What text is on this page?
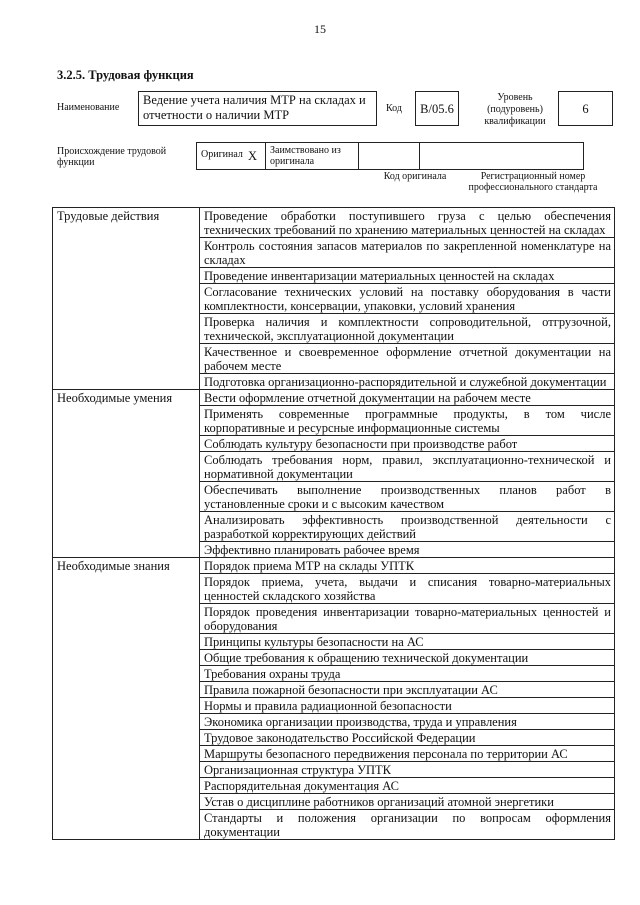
15
3.2.5. Трудовая функция
Наименование
Ведение учета наличия МТР на складах и отчетности о наличии МТР	Код	B/05.6
Уровень (подуровень) квалификации
6
Происхождение трудовой функции
Оригинал X	Заимствовано из оригинала		
Код оригинала	Регистрационный номер профессионального стандарта
Трудовые действия	Проведение обработки поступившего груза с целью обеспечения технических требований по хранению материальных ценностей на складах
	Контроль состояния запасов материалов по закрепленной номенклатуре на складах
	Проведение инвентаризации материальных ценностей на складах
	Согласование технических условий на поставку оборудования в части комплектности, консервации, упаковки, условий хранения
	Проверка наличия и комплектности сопроводительной, отгрузочной, технической, эксплуатационной документации
	Качественное и своевременное оформление отчетной документации на рабочем месте
	Подготовка организационно-распорядительной и служебной документации
Необходимые умения	Вести оформление отчетной документации на рабочем месте
	Применять современные программные продукты, в том числе корпоративные и ресурсные информационные системы
	Соблюдать культуру безопасности при производстве работ
	Соблюдать требования норм, правил, эксплуатационно-технической и нормативной документации
	Обеспечивать выполнение производственных планов работ в установленные сроки и с высоким качеством
	Анализировать эффективность производственной деятельности с разработкой корректирующих действий
	Эффективно планировать рабочее время
Необходимые знания	Порядок приема МТР на склады УПТК
	Порядок приема, учета, выдачи и списания товарно-материальных ценностей складского хозяйства
	Порядок проведения инвентаризации товарно-материальных ценностей и оборудования
	Принципы культуры безопасности на АС
	Общие требования к обращению технической документации
	Требования охраны труда
	Правила пожарной безопасности при эксплуатации АС
	Нормы и правила радиационной безопасности
	Экономика организации производства, труда и управления
	Трудовое законодательство Российской Федерации
	Маршруты безопасного передвижения персонала по территории АС
	Организационная структура УПТК
	Распорядительная документация АС
	Устав о дисциплине работников организаций атомной энергетики
	Стандарты и положения организации по вопросам оформления документации
